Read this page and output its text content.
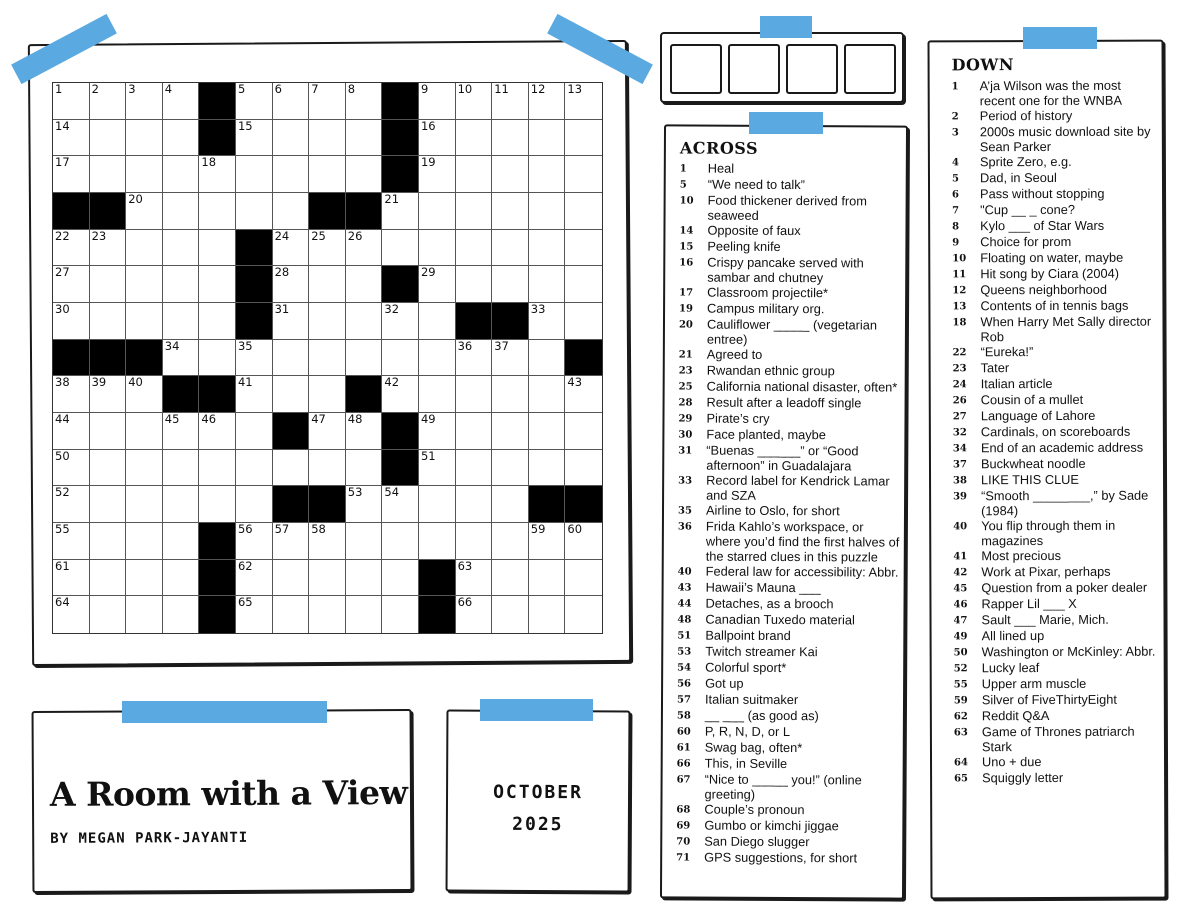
1	2	3	4	5	6	7	8	9	10 11 12 13
14	15	16
17	18	19
20	21
22 23	24 25 26
27	28	29
30	31	32	33
34	35	36 37
38 39 40	41	42	43
44	45 46	47 48	49
50	51
52	53 54
55	56 57 58	59 60
61	62	63
64	65	66
ACROSS
1	Heal
5	“We need to talk”
10	Food thickener derived from seaweed
14	Opposite of faux
15	Peeling knife
16	Crispy pancake served with sambar and chutney
17	Classroom projectile*
19	Campus military org.
20	Cauliflower _____ (vegetarian entree)
21	Agreed to
23	Rwandan ethnic group
25	California national disaster, often*
28	Result after a leadoff single
29	Pirate’s cry
30	Face planted, maybe
31	“Buenas ______” or “Good afternoon” in Guadalajara
33	Record label for Kendrick Lamar and SZA
35	Airline to Oslo, for short
36	Frida Kahlo’s workspace, or where you’d find the first halves of the starred clues in this puzzle
40	Federal law for accessibility: Abbr.
43	Hawaii’s Mauna ___
44	Detaches, as a brooch
48	Canadian Tuxedo material
51	Ballpoint brand
53	Twitch streamer Kai
54	Colorful sport*
56	Got up
57	Italian suitmaker
58	__ ___ (as good as)
60	P, R, N, D, or L
61	Swag bag, often*
66	This, in Seville
67	“Nice to _____ you!” (online greeting)
68	Couple’s pronoun
69	Gumbo or kimchi jiggae
70	San Diego slugger
71	GPS suggestions, for short
DOWN
1	A’ja Wilson was the most recent one for the WNBA
2	Period of history
3	2000s music download site by Sean Parker
4	Sprite Zero, e.g.
5	Dad, in Seoul
6	Pass without stopping
7	"Cup __ _ cone?
8	Kylo ___ of Star Wars
9	Choice for prom
10	Floating on water, maybe
11	Hit song by Ciara (2004)
12	Queens neighborhood
13	Contents of in tennis bags
18	When Harry Met Sally director Rob
22	“Eureka!”
23	Tater
24	Italian article
26	Cousin of a mullet
27	Language of Lahore
32	Cardinals, on scoreboards
34	End of an academic address
37	Buckwheat noodle
38	LIKE THIS CLUE
39	“Smooth ________,” by Sade (1984)
40	You flip through them in magazines
41	Most precious
42	Work at Pixar, perhaps
45	Question from a poker dealer
46	Rapper Lil ___ X
47	Sault ___ Marie, Mich.
49	All lined up
50	Washington or McKinley: Abbr.
52	Lucky leaf
55	Upper arm muscle
59	Silver of FiveThirtyEight
62	Reddit Q&A
63	Game of Thrones patriarch Stark
64	Uno + due
65	Squiggly letter
A Room with a View
BY MEGAN PARK-JAYANTI
OCTOBER
2025
